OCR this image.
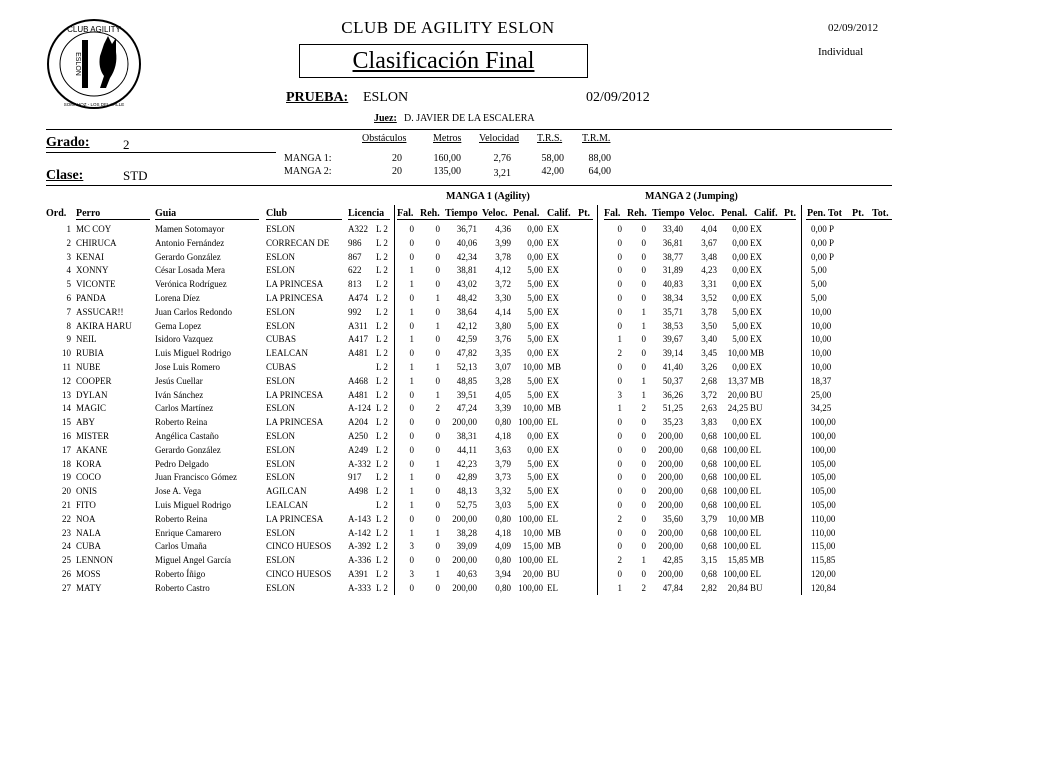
CLUB AGILITY
SOMAHOZ - LOS DEL VALLE
ESLON
CLUB DE AGILITY ESLON	02/09/2012
Individual
Clasificación Final
PRUEBA: ESLON	02/09/2012
Juez: D. JAVIER DE LA ESCALERA
Grado:	2
Clase:	STD
Obstáculos	Metros Velocidad T.R.S. T.R.M.
MANGA 1:	20	160,00	2,76	58,00	88,00
MANGA 2:	20	135,00	3,21	42,00	64,00
MANGA 1 (Agility)	MANGA 2 (Jumping)
Ord. Perro	Guia	Club	Licencia Fal. Reh. Tiempo Veloc. Penal. Calif. Pt. Fal. Reh. Tiempo Veloc. Penal. Calif. Pt. Pen. Tot Pt. Tot.
1 MC COY	Mamen Sotomayor	ESLON	A322 L 2	0	0	36,71	4,36	0,00 EX	0	0	33,40	4,04	0,00 EX	0,00 P
2 CHIRUCA	Antonio Fernández	CORRECAN DE	986	L 2	0	0	40,06	3,99	0,00 EX	0	0	36,81	3,67	0,00 EX	0,00 P
3 KENAI	Gerardo González	ESLON	867	L 2	0	0	42,34	3,78	0,00 EX	0	0	38,77	3,48	0,00 EX	0,00 P
4 XONNY	César Losada Mera	ESLON	622	L 2	1	0	38,81	4,12	5,00 EX	0	0	31,89	4,23	0,00 EX	5,00
5 VICONTE	Verónica Rodríguez	LA PRINCESA	813	L 2	1	0	43,02	3,72	5,00 EX	0	0	40,83	3,31	0,00 EX	5,00
6 PANDA	Lorena Díez	LA PRINCESA	A474 L 2	0	1	48,42	3,30	5,00 EX	0	0	38,34	3,52	0,00 EX	5,00
7 ASSUCAR!!	Juan Carlos Redondo	ESLON	992	L 2	1	0	38,64	4,14	5,00 EX	0	1	35,71	3,78	5,00 EX	10,00
8 AKIRA HARU	Gema Lopez	ESLON	A311 L 2	0	1	42,12	3,80	5,00 EX	0	1	38,53	3,50	5,00 EX	10,00
9 NEIL	Isidoro Vazquez	CUBAS	A417 L 2	1	0	42,59	3,76	5,00 EX	1	0	39,67	3,40	5,00 EX	10,00
10 RUBIA	Luis Miguel Rodrigo	LEALCAN	A481 L 2	0	0	47,82	3,35	0,00 EX	2	0	39,14	3,45	10,00 MB	10,00
11 NUBE	Jose Luis Romero	CUBAS	L 2	1	1	52,13	3,07	10,00 MB	0	0	41,40	3,26	0,00 EX	10,00
12 COOPER	Jesús Cuellar	ESLON	A468 L 2	1	0	48,85	3,28	5,00 EX	0	1	50,37	2,68	13,37 MB	18,37
13 DYLAN	Iván Sánchez	LA PRINCESA	A481 L 2	0	1	39,51	4,05	5,00 EX	3	1	36,26	3,72	20,00 BU	25,00
14 MAGIC	Carlos Martínez	ESLON	A-124 L 2	0	2	47,24	3,39	10,00 MB	1	2	51,25	2,63	24,25 BU	34,25
15 ABY	Roberto Reina	LA PRINCESA	A204 L 2	0	0	200,00	0,80 100,00 EL	0	0	35,23	3,83	0,00 EX	100,00
16 MISTER	Angélica Castaño	ESLON	A250 L 2	0	0	38,31	4,18	0,00 EX	0	0	200,00	0,68 100,00 EL	100,00
17 AKANE	Gerardo González	ESLON	A249 L 2	0	0	44,11	3,63	0,00 EX	0	0	200,00	0,68 100,00 EL	100,00
18 KORA	Pedro Delgado	ESLON	A-332 L 2	0	1	42,23	3,79	5,00 EX	0	0	200,00	0,68 100,00 EL	105,00
19 COCO	Juan Francisco Gómez	ESLON	917	L 2	1	0	42,89	3,73	5,00 EX	0	0	200,00	0,68 100,00 EL	105,00
20 ONIS	Jose A. Vega	AGILCAN	A498 L 2	1	0	48,13	3,32	5,00 EX	0	0	200,00	0,68 100,00 EL	105,00
21 FITO	Luis Miguel Rodrigo	LEALCAN	L 2	1	0	52,75	3,03	5,00 EX	0	0	200,00	0,68 100,00 EL	105,00
22 NOA	Roberto Reina	LA PRINCESA	A-143 L 2	0	0	200,00	0,80 100,00 EL	2	0	35,60	3,79	10,00 MB	110,00
23 NALA	Enrique Camarero	ESLON	A-142 L 2	1	1	38,28	4,18	10,00 MB	0	0	200,00	0,68 100,00 EL	110,00
24 CUBA	Carlos Umaña	CINCO HUESOS	A-392 L 2	3	0	39,09	4,09	15,00 MB	0	0	200,00	0,68 100,00 EL	115,00
25 LENNON	Miguel Angel García	ESLON	A-336 L 2	0	0	200,00	0,80 100,00 EL	2	1	42,85	3,15	15,85 MB	115,85
26 MOSS	Roberto Íñigo	CINCO HUESOS	A391 L 2	3	1	40,63	3,94	20,00 BU	0	0	200,00	0,68 100,00 EL	120,00
27 MATY	Roberto Castro	ESLON	A-333 L 2	0	0	200,00	0,80 100,00 EL	1	2	47,84	2,82	20,84 BU	120,84
